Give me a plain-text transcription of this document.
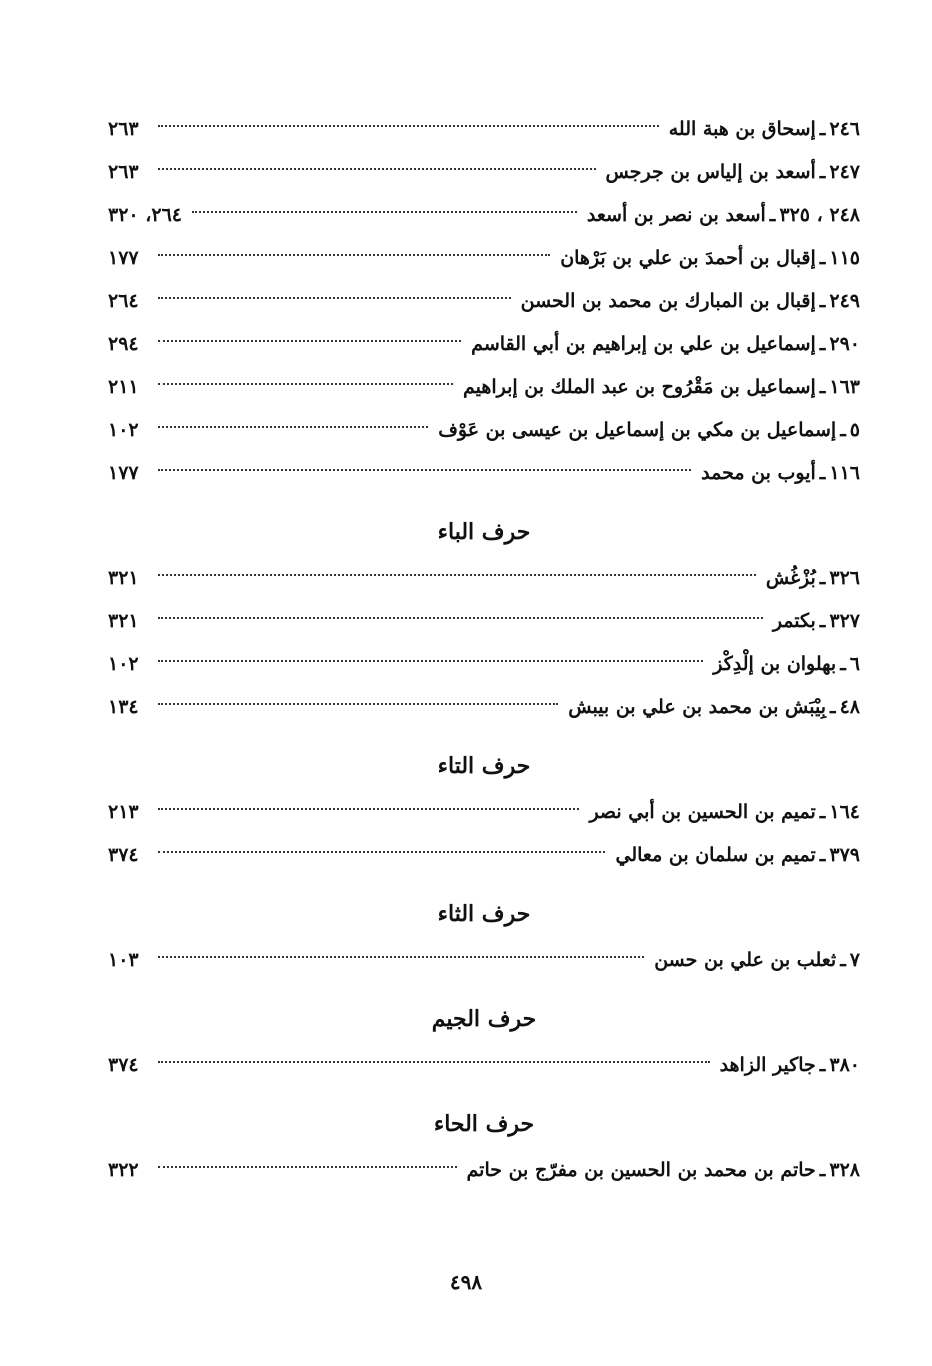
٢٤٦
ـ
إسحاق بن هبة الله
٢٦٣
٢٤٧
ـ
أسعد بن إلياس بن جرجس
٢٦٣
٢٤٨ ، ٣٢٥
ـ
أسعد بن نصر بن أسعد
٢٦٤، ٣٢٠
١١٥
ـ
إقبال بن أحمدَ بن علي بن بَرْهان
١٧٧
٢٤٩
ـ
إقبال بن المبارك بن محمد بن الحسن
٢٦٤
٢٩٠
ـ
إسماعيل بن علي بن إبراهيم بن أبي القاسم
٢٩٤
١٦٣
ـ
إسماعيل بن مَقْرُوح بن عبد الملك بن إبراهيم
٢١١
٥
ـ
إسماعيل بن مكي بن إسماعيل بن عيسى بن عَوْف
١٠٢
١١٦
ـ
أيوب بن محمد
١٧٧
حرف الباء
٣٢٦
ـ
بُزْغُش
٣٢١
٣٢٧
ـ
بكتمر
٣٢١
٦
ـ
بهلوان بن إلْدِكْز
١٠٢
٤٨
ـ
بِيْبَش بن محمد بن علي بن بيبش
١٣٤
حرف التاء
١٦٤
ـ
تميم بن الحسين بن أبي نصر
٢١٣
٣٧٩
ـ
تميم بن سلمان بن معالي
٣٧٤
حرف الثاء
٧
ـ
ثعلب بن علي بن حسن
١٠٣
حرف الجيم
٣٨٠
ـ
جاكير الزاهد
٣٧٤
حرف الحاء
٣٢٨
ـ
حاتم بن محمد بن الحسين بن مفرّج بن حاتم
٣٢٢
٤٩٨
